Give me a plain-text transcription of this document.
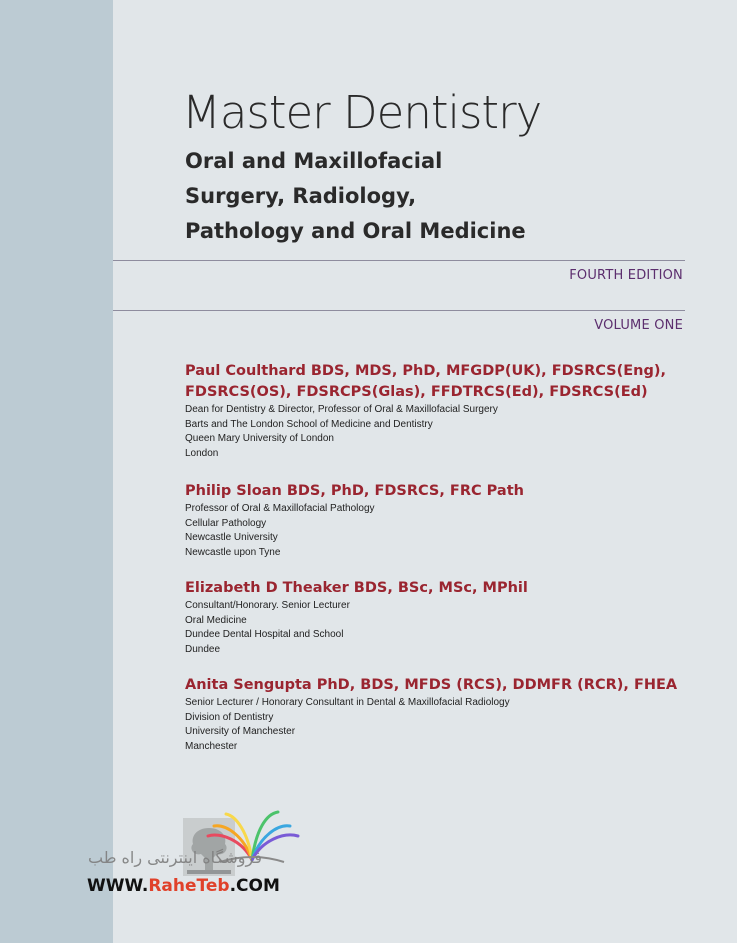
Master Dentistry
Oral and Maxillofacial
Surgery, Radiology,
Pathology and Oral Medicine
FOURTH EDITION
VOLUME ONE
Paul Coulthard BDS, MDS, PhD, MFGDP(UK), FDSRCS(Eng),
FDSRCS(OS), FDSRCPS(Glas), FFDTRCS(Ed), FDSRCS(Ed)
Dean for Dentistry & Director, Professor of Oral & Maxillofacial Surgery
Barts and The London School of Medicine and Dentistry
Queen Mary University of London
London
Philip Sloan BDS, PhD, FDSRCS, FRC Path
Professor of Oral & Maxillofacial Pathology
Cellular Pathology
Newcastle University
Newcastle upon Tyne
Elizabeth D Theaker BDS, BSc, MSc, MPhil
Consultant/Honorary. Senior Lecturer
Oral Medicine
Dundee Dental Hospital and School
Dundee
Anita Sengupta PhD, BDS, MFDS (RCS), DDMFR (RCR), FHEA
Senior Lecturer / Honorary Consultant in Dental & Maxillofacial Radiology
Division of Dentistry
University of Manchester
Manchester
فروشگاه اینترنتی راه طب
WWW.RaheTeb.COM
